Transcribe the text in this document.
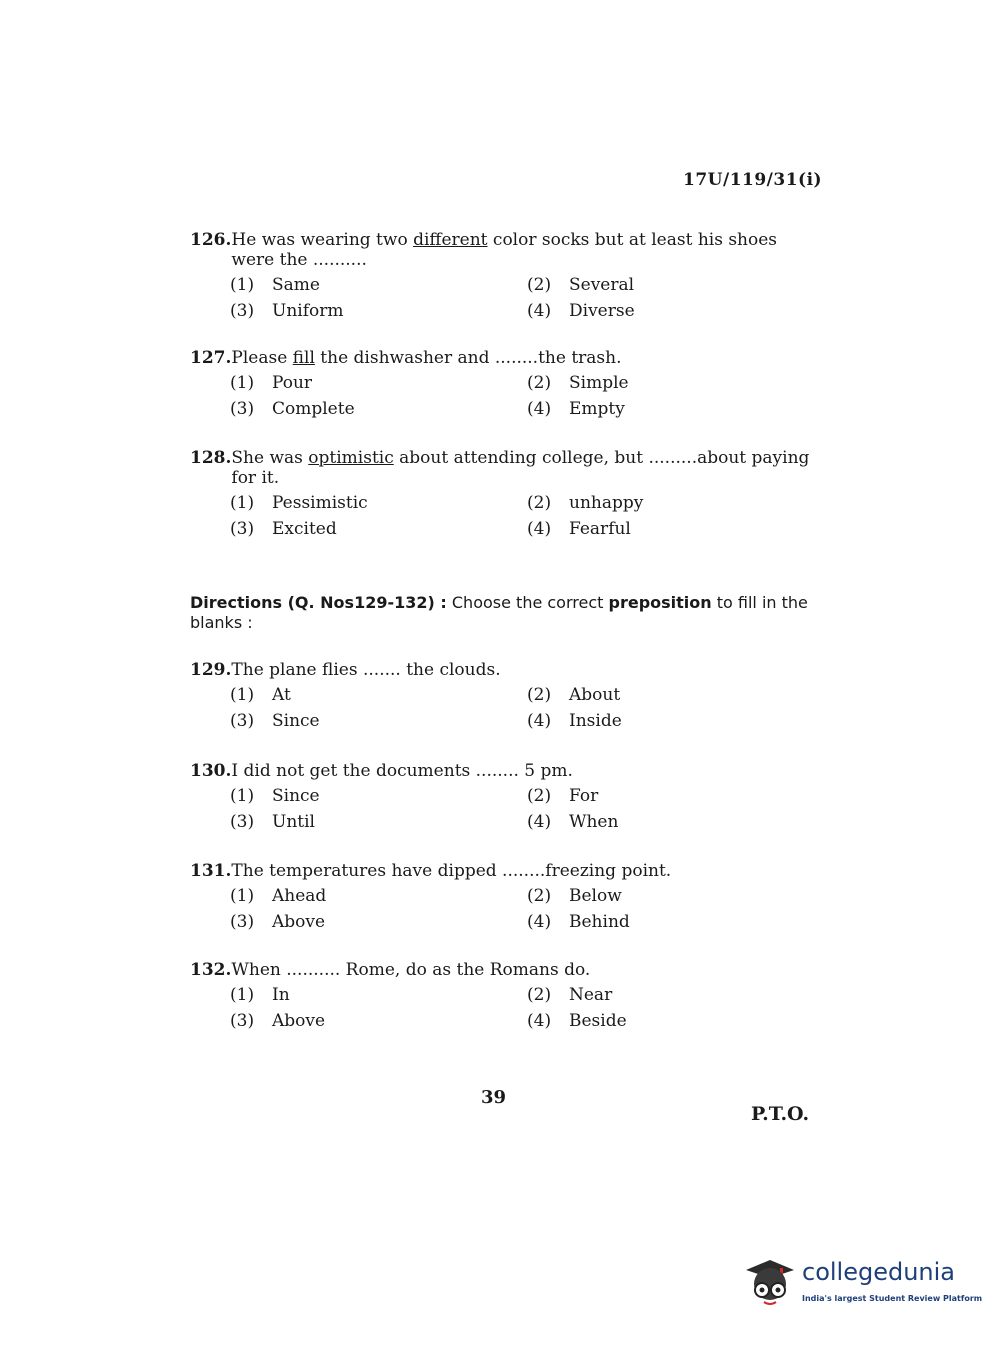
17U/119/31(i)
126. He was wearing two different color socks but at least his shoes were the ..........
(1)	Same	(2)	Several
(3)	Uniform	(4)	Diverse
127. Please fill the dishwasher and ........the trash.
(1)	Pour	(2)	Simple
(3)	Complete	(4)	Empty
128. She was optimistic about attending college, but .........about paying for it.
(1)	Pessimistic	(2)	unhappy
(3)	Excited	(4)	Fearful
Directions (Q. Nos129-132) : Choose the correct preposition to fill in the blanks :
129. The plane flies ....... the clouds.
(1)	At	(2)	About
(3)	Since	(4)	Inside
130. I did not get the documents ........ 5 pm.
(1)	Since	(2)	For
(3)	Until	(4)	When
131. The temperatures have dipped ........freezing point.
(1)	Ahead	(2)	Below
(3)	Above	(4)	Behind
132. When .......... Rome, do as the Romans do.
(1)	In	(2)	Near
(3)	Above	(4)	Beside
39
P.T.O.
collegedunia
India's largest Student Review Platform
